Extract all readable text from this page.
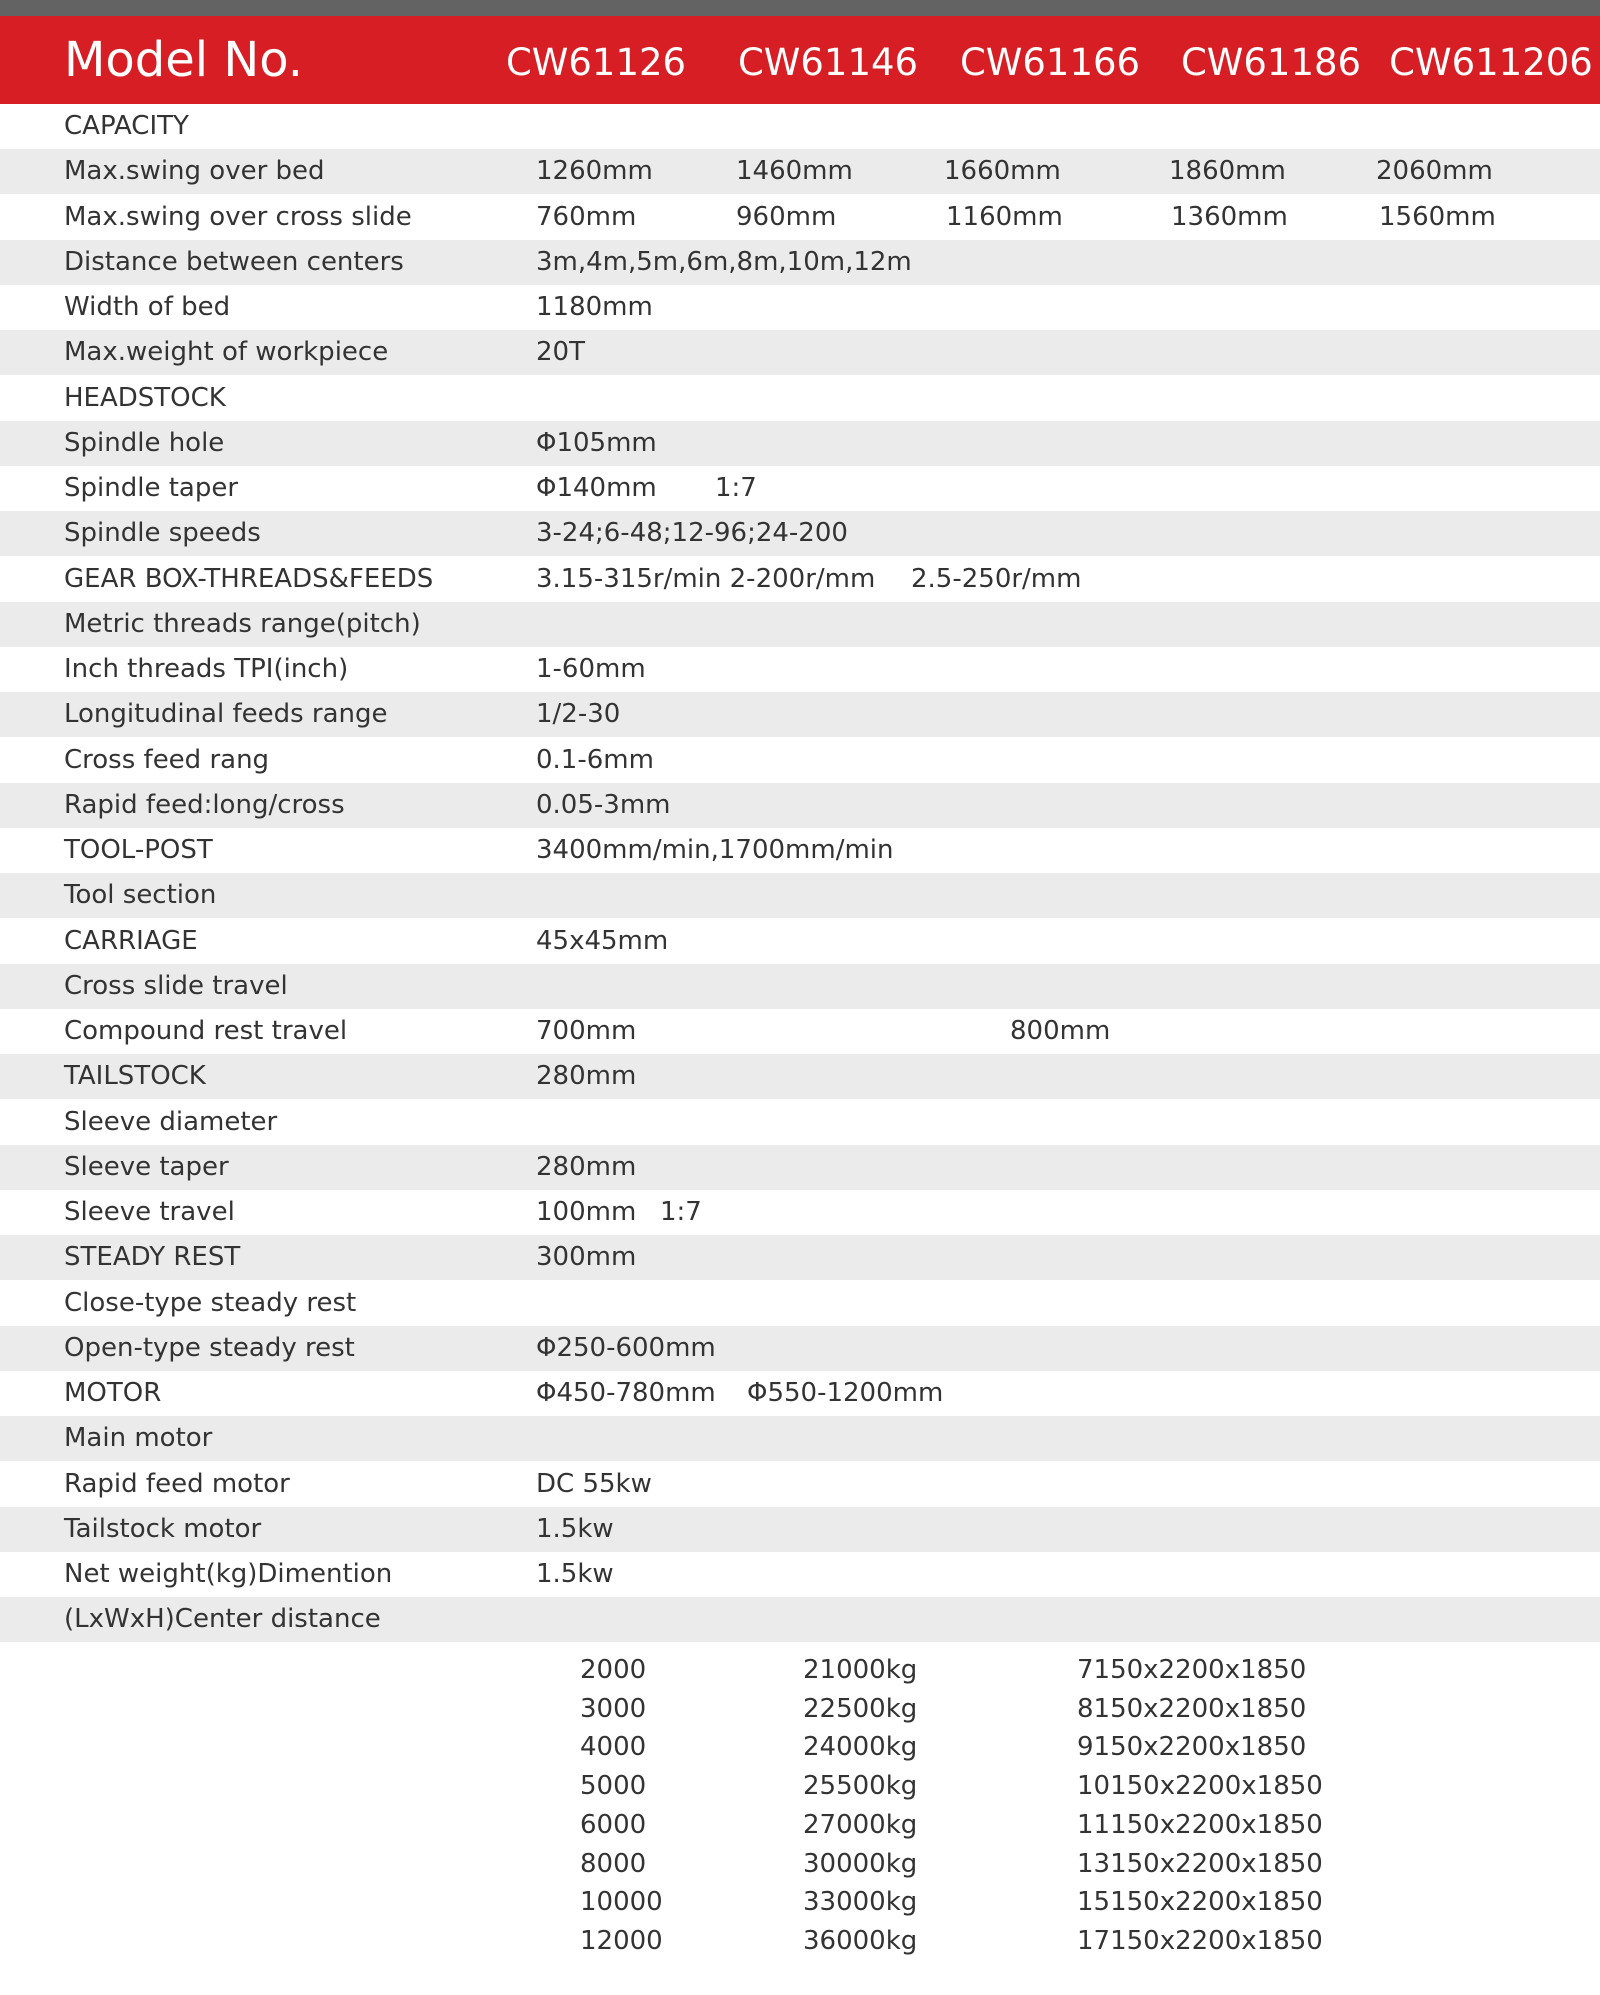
Model No.	CW61126 CW61146 CW61166 CW61186 CW611206
CAPACITY
Max.swing over bed	1260mm	1460mm	1660mm	1860mm	2060mm
Max.swing over cross slide	760mm	960mm	1160mm	1360mm	1560mm
Distance between centers	3m,4m,5m,6m,8m,10m,12m
Width of bed	1180mm
Max.weight of workpiece	20T
HEADSTOCK
Spindle hole	Φ105mm
Spindle taper	Φ140mm 1:7
Spindle speeds	3-24;6-48;12-96;24-200
GEAR BOX-THREADS&FEEDS	3.15-315r/min 2-200r/mm 2.5-250r/mm
Metric threads range(pitch)
Inch threads TPI(inch)	1-60mm
Longitudinal feeds range	1/2-30
Cross feed rang	0.1-6mm
Rapid feed:long/cross	0.05-3mm
TOOL-POST	3400mm/min,1700mm/min
Tool section
CARRIAGE	45x45mm
Cross slide travel
Compound rest travel	700mm	800mm
TAILSTOCK	280mm
Sleeve diameter
Sleeve taper	280mm
Sleeve travel	100mm 1:7
STEADY REST	300mm
Close-type steady rest
Open-type steady rest	Φ250-600mm
MOTOR	Φ450-780mm Φ550-1200mm
Main motor
Rapid feed motor	DC 55kw
Tailstock motor	1.5kw
Net weight(kg)Dimention	1.5kw
(LxWxH)Center distance
2000	21000kg	7150x2200x1850
3000	22500kg	8150x2200x1850
4000	24000kg	9150x2200x1850
5000	25500kg	10150x2200x1850
6000	27000kg	11150x2200x1850
8000	30000kg	13150x2200x1850
10000	33000kg	15150x2200x1850
12000	36000kg	17150x2200x1850
